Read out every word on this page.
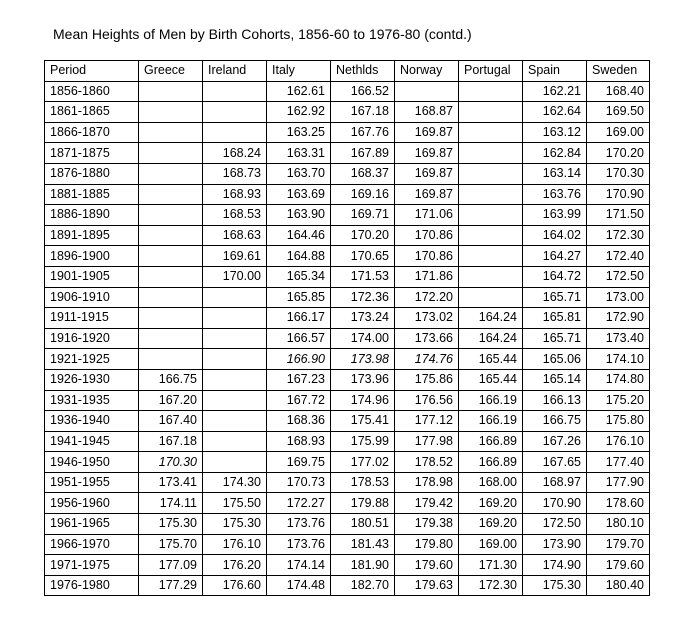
Mean Heights of Men by Birth Cohorts, 1856-60 to 1976-80 (contd.)
Period	Greece	Ireland	Italy	Nethlds	Norway	Portugal	Spain	Sweden
1856-1860			162.61	166.52			162.21	168.40
1861-1865			162.92	167.18	168.87		162.64	169.50
1866-1870			163.25	167.76	169.87		163.12	169.00
1871-1875		168.24	163.31	167.89	169.87		162.84	170.20
1876-1880		168.73	163.70	168.37	169.87		163.14	170.30
1881-1885		168.93	163.69	169.16	169.87		163.76	170.90
1886-1890		168.53	163.90	169.71	171.06		163.99	171.50
1891-1895		168.63	164.46	170.20	170.86		164.02	172.30
1896-1900		169.61	164.88	170.65	170.86		164.27	172.40
1901-1905		170.00	165.34	171.53	171.86		164.72	172.50
1906-1910			165.85	172.36	172.20		165.71	173.00
1911-1915			166.17	173.24	173.02	164.24	165.81	172.90
1916-1920			166.57	174.00	173.66	164.24	165.71	173.40
1921-1925			166.90	173.98	174.76	165.44	165.06	174.10
1926-1930	166.75		167.23	173.96	175.86	165.44	165.14	174.80
1931-1935	167.20		167.72	174.96	176.56	166.19	166.13	175.20
1936-1940	167.40		168.36	175.41	177.12	166.19	166.75	175.80
1941-1945	167.18		168.93	175.99	177.98	166.89	167.26	176.10
1946-1950	170.30		169.75	177.02	178.52	166.89	167.65	177.40
1951-1955	173.41	174.30	170.73	178.53	178.98	168.00	168.97	177.90
1956-1960	174.11	175.50	172.27	179.88	179.42	169.20	170.90	178.60
1961-1965	175.30	175.30	173.76	180.51	179.38	169.20	172.50	180.10
1966-1970	175.70	176.10	173.76	181.43	179.80	169.00	173.90	179.70
1971-1975	177.09	176.20	174.14	181.90	179.60	171.30	174.90	179.60
1976-1980	177.29	176.60	174.48	182.70	179.63	172.30	175.30	180.40
